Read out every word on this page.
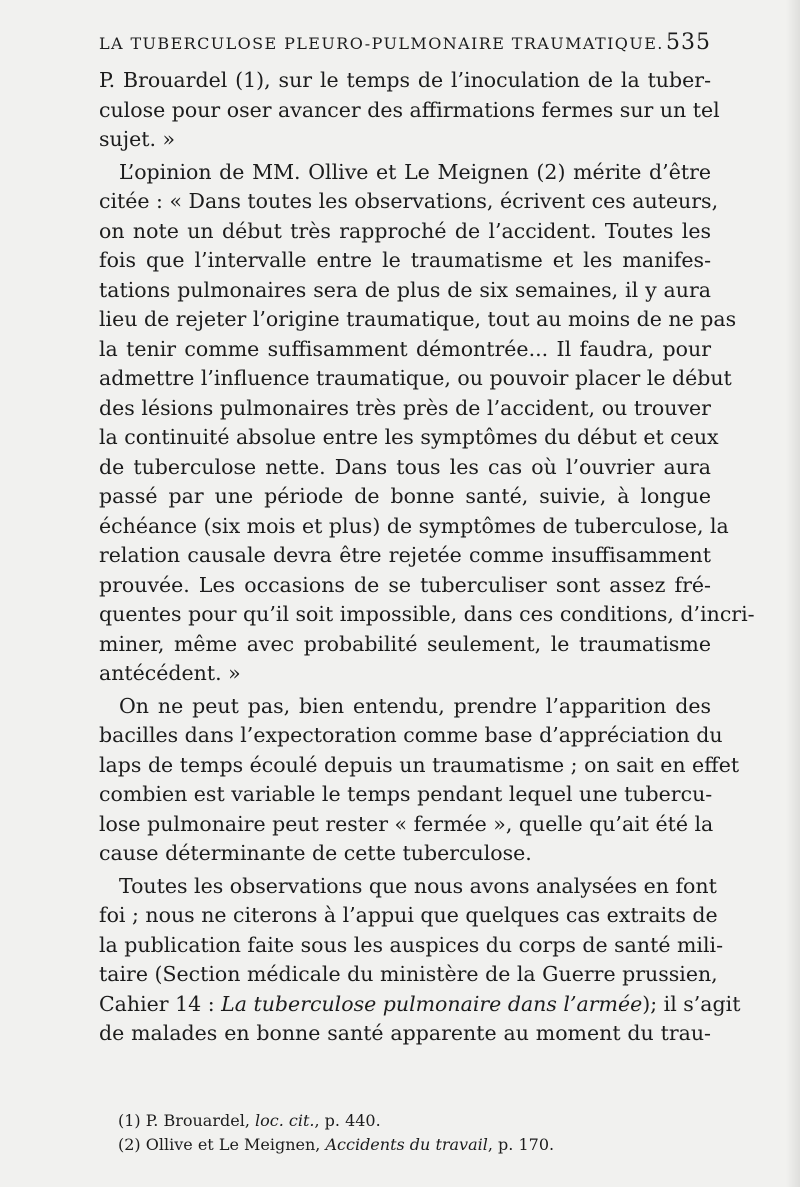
LA TUBERCULOSE PLEURO-PULMONAIRE TRAUMATIQUE. 535
P. Brouardel (1), sur le temps de l’inoculation de la tuber-
culose pour oser avancer des affirmations fermes sur un tel
sujet. »
L’opinion de MM. Ollive et Le Meignen (2) mérite d’être
citée : « Dans toutes les observations, écrivent ces auteurs,
on note un début très rapproché de l’accident. Toutes les
fois que l’intervalle entre le traumatisme et les manifes-
tations pulmonaires sera de plus de six semaines, il y aura
lieu de rejeter l’origine traumatique, tout au moins de ne pas
la tenir comme suffisamment démontrée... Il faudra, pour
admettre l’influence traumatique, ou pouvoir placer le début
des lésions pulmonaires très près de l’accident, ou trouver
la continuité absolue entre les symptômes du début et ceux
de tuberculose nette. Dans tous les cas où l’ouvrier aura
passé par une période de bonne santé, suivie, à longue
échéance (six mois et plus) de symptômes de tuberculose, la
relation causale devra être rejetée comme insuffisamment
prouvée. Les occasions de se tuberculiser sont assez fré-
quentes pour qu’il soit impossible, dans ces conditions, d’incri-
miner, même avec probabilité seulement, le traumatisme
antécédent. »
On ne peut pas, bien entendu, prendre l’apparition des
bacilles dans l’expectoration comme base d’appréciation du
laps de temps écoulé depuis un traumatisme ; on sait en effet
combien est variable le temps pendant lequel une tubercu-
lose pulmonaire peut rester « fermée », quelle qu’ait été la
cause déterminante de cette tuberculose.
Toutes les observations que nous avons analysées en font
foi ; nous ne citerons à l’appui que quelques cas extraits de
la publication faite sous les auspices du corps de santé mili-
taire (Section médicale du ministère de la Guerre prussien,
Cahier 14 : La tuberculose pulmonaire dans l’armée); il s’agit
de malades en bonne santé apparente au moment du trau-
(1) P. Brouardel, loc. cit., p. 440.
(2) Ollive et Le Meignen, Accidents du travail, p. 170.
